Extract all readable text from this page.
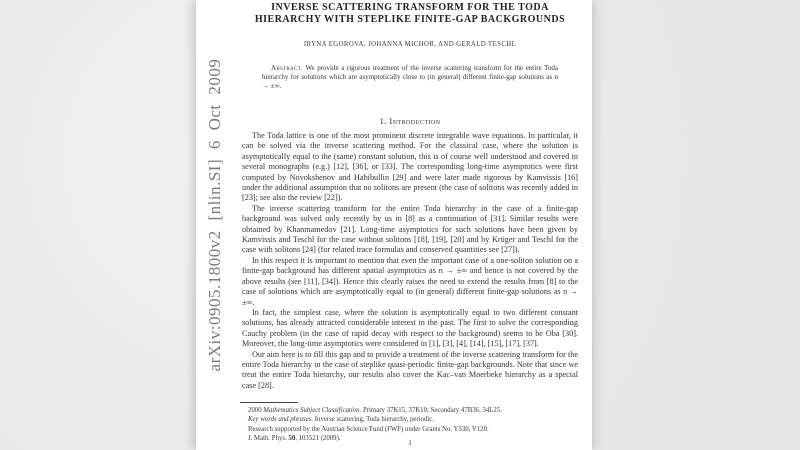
arXiv:0905.1800v2 [nlin.SI] 6 Oct 2009
INVERSE SCATTERING TRANSFORM FOR THE TODA
HIERARCHY WITH STEPLIKE FINITE-GAP BACKGROUNDS
IRYNA EGOROVA, JOHANNA MICHOR, AND GERALD TESCHL
Abstract. We provide a rigorous treatment of the inverse scattering transform for the entire Toda hierarchy for solutions which are asymptotically close to (in general) different finite-gap solutions as n → ±∞.
1. Introduction

The Toda lattice is one of the most prominent discrete integrable wave equations. In particular, it can be solved via the inverse scattering method. For the classical case, where the solution is asymptotically equal to the (same) constant solution, this is of course well understood and covered in several monographs (e.g.) [12], [36], or [33]. The corresponding long-time asymptotics were first computed by Novokshenov and Habibullin [29] and were later made rigorous by Kamvissis [16] under the additional assumption that no solitons are present (the case of solitons was recently added in [23]; see also the review [22]).

The inverse scattering transform for the entire Toda hierarchy in the case of a finite-gap background was solved only recently by us in [8] as a continuation of [31]. Similar results were obtained by Khanmamedov [21]. Long-time asymptotics for such solutions have been given by Kamvissis and Teschl for the case without solitons [18], [19], [20] and by Krüger and Teschl for the case with solitons [24] (for related trace formulas and conserved quantities see [27]).

In this respect it is important to mention that even the important case of a one-soliton solution on a finite-gap background has different spatial asymptotics as n → ±∞ and hence is not covered by the above results (see [11], [34]). Hence this clearly raises the need to extend the results from [8] to the case of solutions which are asymptotically equal to (in general) different finite-gap solutions as n → ±∞.

In fact, the simplest case, where the solution is asymptotically equal to two different constant solutions, has already attracted considerable interest in the past. The first to solve the corresponding Cauchy problem (in the case of rapid decay with respect to the background) seems to be Oba [30]. Moreover, the long-time asymptotics were considered in [1], [3], [4], [14], [15], [17], [37].

Our aim here is to fill this gap and to provide a treatment of the inverse scattering transform for the entire Toda hierarchy in the case of steplike quasi-periodic finite-gap backgrounds. Note that since we treat the entire Toda hierarchy, our results also cover the Kac–van Moerbeke hierarchy as a special case [28].

2000 Mathematics Subject Classification. Primary 37K15, 37K10; Secondary 47B36, 34L25.
Key words and phrases. Inverse scattering, Toda hierarchy, periodic.
Research supported by the Austrian Science Fund (FWF) under Grants No. Y330, V120.
J. Math. Phys. 50, 103521 (2009).
1
